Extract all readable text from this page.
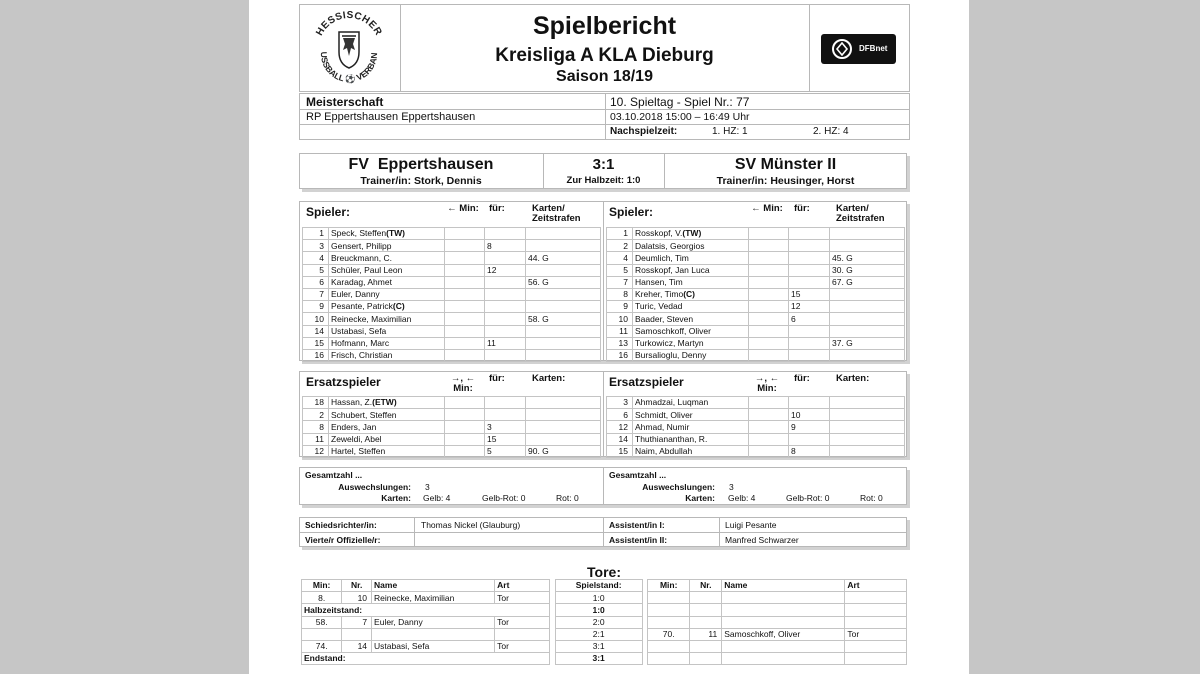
HESSISCHER
USSBALL ⚽ VERBAN
Spielbericht
Kreisliga A KLA Dieburg
Saison 18/19
DFBnet
Meisterschaft
RP Eppertshausen Eppertshausen
10. Spieltag - Spiel Nr.: 77
03.10.2018 15:00 – 16:49 Uhr
Nachspielzeit:	1. HZ: 1	2. HZ: 4
FV  Eppertshausen	3:1	SV Münster II
Trainer/in: Stork, Dennis	Zur Halbzeit: 1:0	Trainer/in: Heusinger, Horst
Spieler:	← Min: für:	Karten/ Zeitstrafen
1	Speck, Steffen(TW)			
3	Gensert, Philipp		8	
4	Breuckmann, C.			44. G
5	Schüler, Paul Leon		12	
6	Karadag, Ahmet			56. G
7	Euler, Danny			
9	Pesante, Patrick(C)			
10	Reinecke, Maximilian			58. G
14	Ustabasi, Sefa			
15	Hofmann, Marc		11	
16	Frisch, Christian			
Spieler:	← Min: für:	Karten/ Zeitstrafen
1	Rosskopf, V.(TW)			
2	Dalatsis, Georgios			
4	Deumlich, Tim			45. G
5	Rosskopf, Jan Luca			30. G
7	Hansen, Tim			67. G
8	Kreher, Timo(C)		15	
9	Turic, Vedad		12	
10	Baader, Steven		6	
11	Samoschkoff, Oliver			
13	Turkowicz, Martyn			37. G
16	Bursalioglu, Denny			
Ersatzspieler	→, ← Min:
für:	Karten:
18	Hassan, Z.(ETW)			
2	Schubert, Steffen			
8	Enders, Jan		3	
11	Zeweldi, Abel		15	
12	Hartel, Steffen		5	90. G
Ersatzspieler	→, ← Min:
für:	Karten:
3	Ahmadzai, Luqman			
6	Schmidt, Oliver		10	
12	Ahmad, Numir		9	
14	Thuthiananthan, R.			
15	Naim, Abdullah		8	
Gesamtzahl ...
Auswechslungen: 3
Karten: Gelb: 4	Gelb-Rot: 0	Rot: 0
Gesamtzahl ...
Auswechslungen: 3
Karten: Gelb: 4	Gelb-Rot: 0	Rot: 0
Schiedsrichter/in:	Thomas Nickel (Glauburg)
Vierte/r Offizielle/r:
Assistent/in I:	Luigi Pesante
Assistent/in II:	Manfred Schwarzer
Tore:
Min:	Nr.	Name	Art		Spielstand:		Min:	Nr.	Name	Art
8.	10	Reinecke, Maximilian	Tor		1:0					
Halbzeitstand:					1:0					
58.	7	Euler, Danny	Tor		2:0					
					2:1		70.	11	Samoschkoff, Oliver	Tor
74.	14	Ustabasi, Sefa	Tor		3:1					
Endstand:					3:1					
